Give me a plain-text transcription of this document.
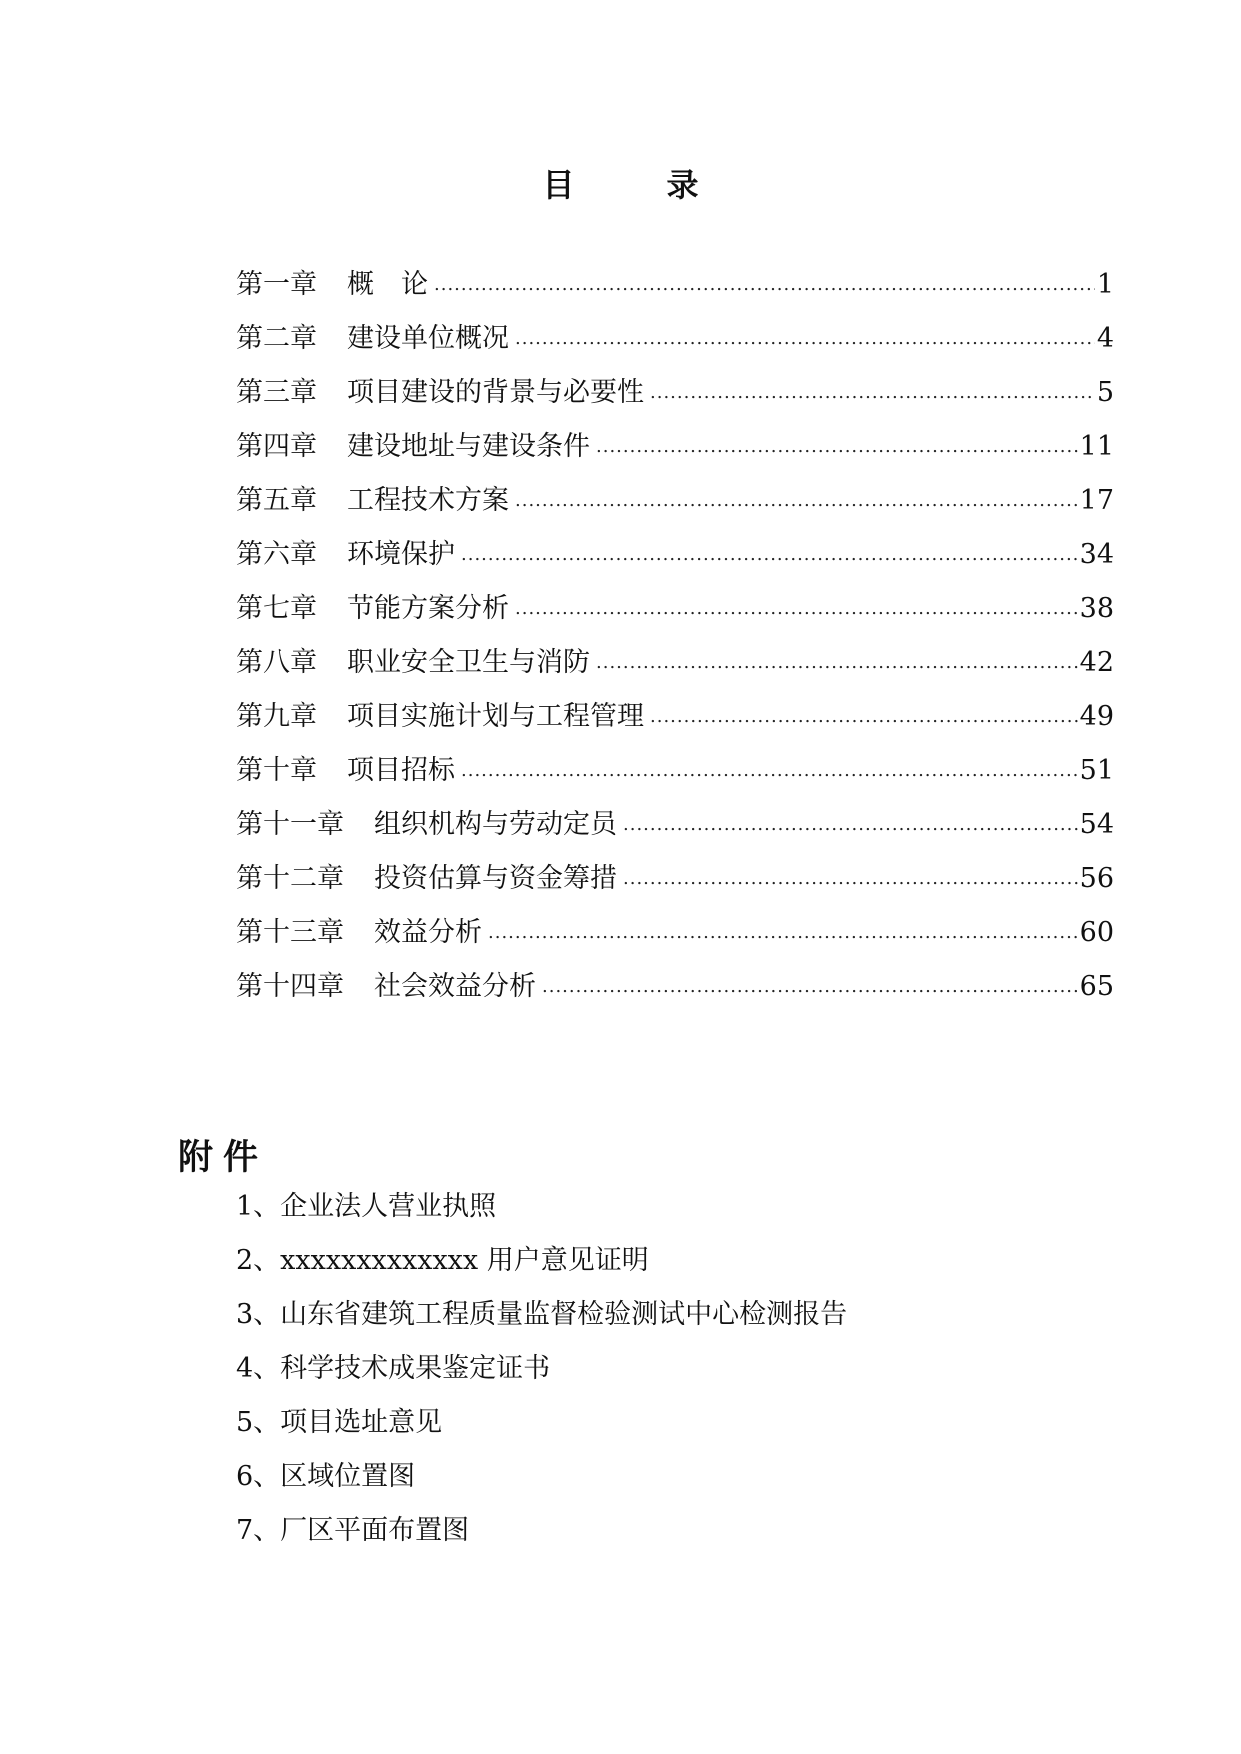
目	录
第一章	概　论 .....	1
第二章	建设单位概况 .....	4
第三章	项目建设的背景与必要性 .....	5
第四章	建设地址与建设条件 .....	11
第五章	工程技术方案 .....	17
第六章	环境保护 .....	34
第七章	节能方案分析 .....	38
第八章	职业安全卫生与消防 .....	42
第九章	项目实施计划与工程管理 .....	49
第十章	项目招标 .....	51
第十一章	组织机构与劳动定员 .....	54
第十二章	投资估算与资金筹措 .....	56
第十三章	效益分析 .....	60
第十四章	社会效益分析 .....	65
附 件
1、企业法人营业执照
2、xxxxxxxxxxxxx 用户意见证明
3、山东省建筑工程质量监督检验测试中心检测报告
4、科学技术成果鉴定证书
5、项目选址意见
6、区域位置图
7、厂区平面布置图
